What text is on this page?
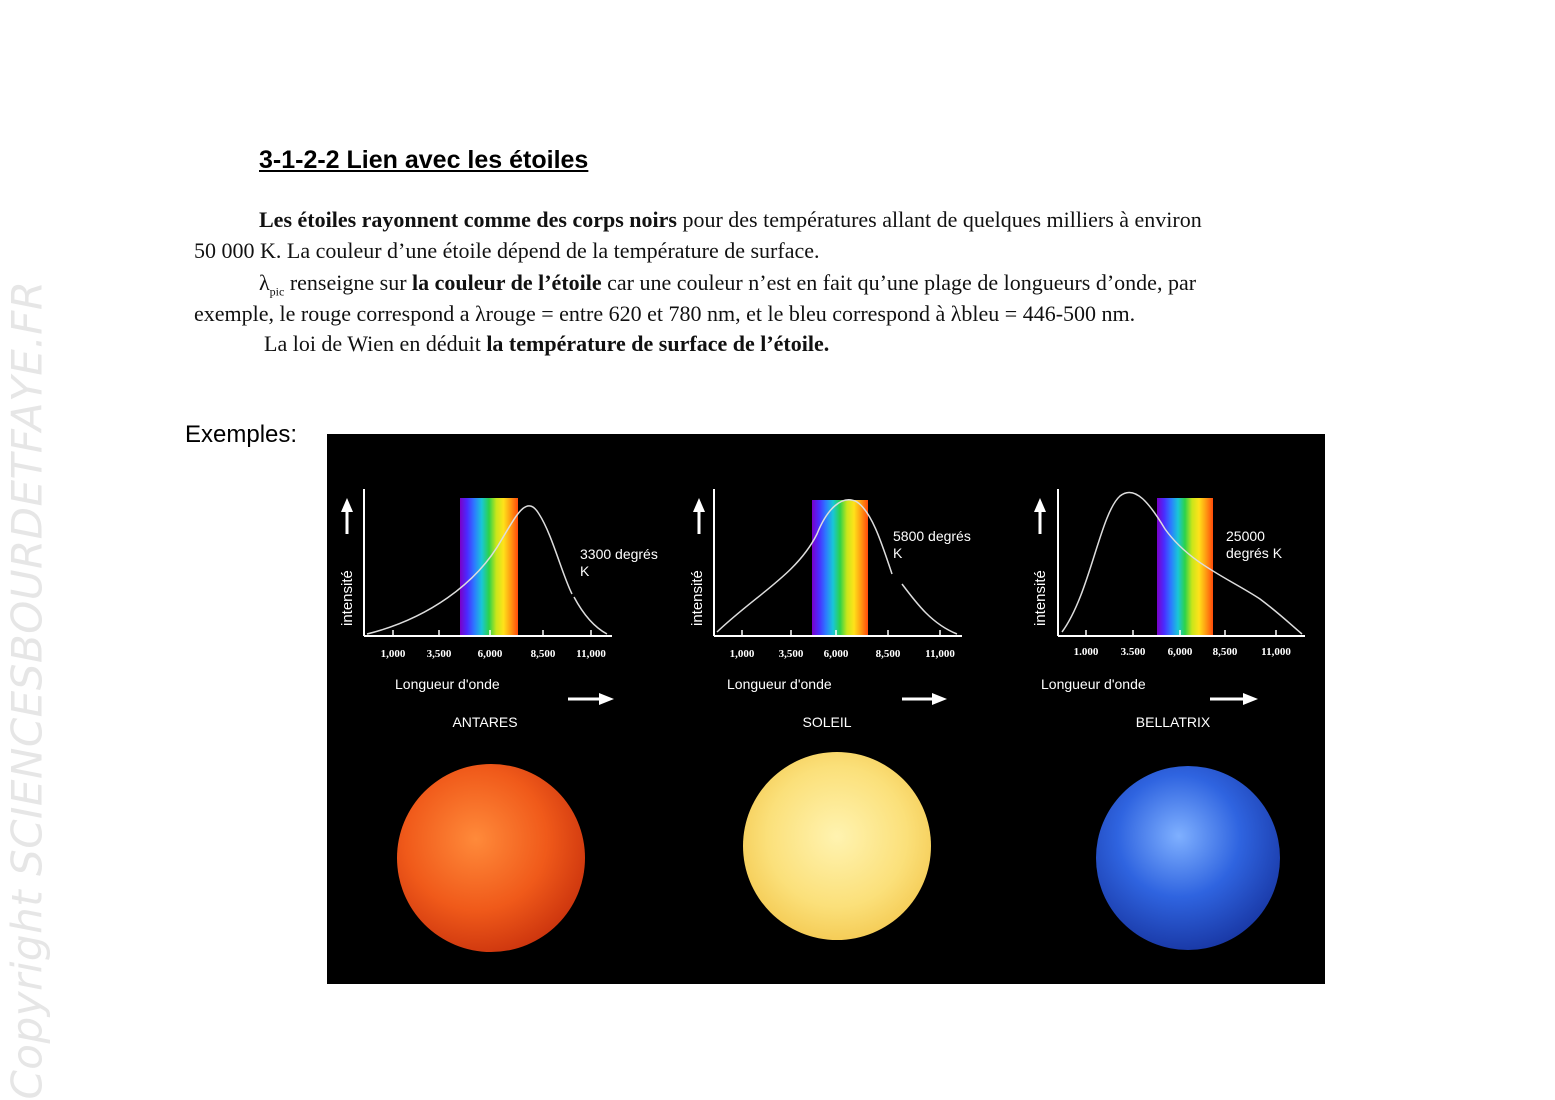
Copyright SCIENCESBOURDETFAYE.FR
3-1-2-2 Lien avec les étoiles
Les étoiles rayonnent comme des corps noirs pour des températures allant de quelques milliers à environ
50 000 K. La couleur d’une étoile dépend de la température de surface.
$\lambda_{pic}$ renseigne sur la couleur de l’étoile car une couleur n’est en fait qu’une plage de longueurs d’onde, par
exemple, le rouge correspond a λrouge = entre 620 et 780 nm, et le bleu correspond à λbleu = 446-500 nm.
La loi de Wien en déduit la température de surface de l’étoile.
Exemples:
intensité
1,000 3,500 6,000	8,500 11,000
3300 degrés
K
Longueur d'onde
ANTARES
intensité
1,000 3,500 6,000 8,500 11,000
5800 degrés
K
Longueur d'onde
SOLEIL
intensité
1.000 3.500 6,000 8,500 11,000
25000
degrés K
Longueur d'onde
BELLATRIX
